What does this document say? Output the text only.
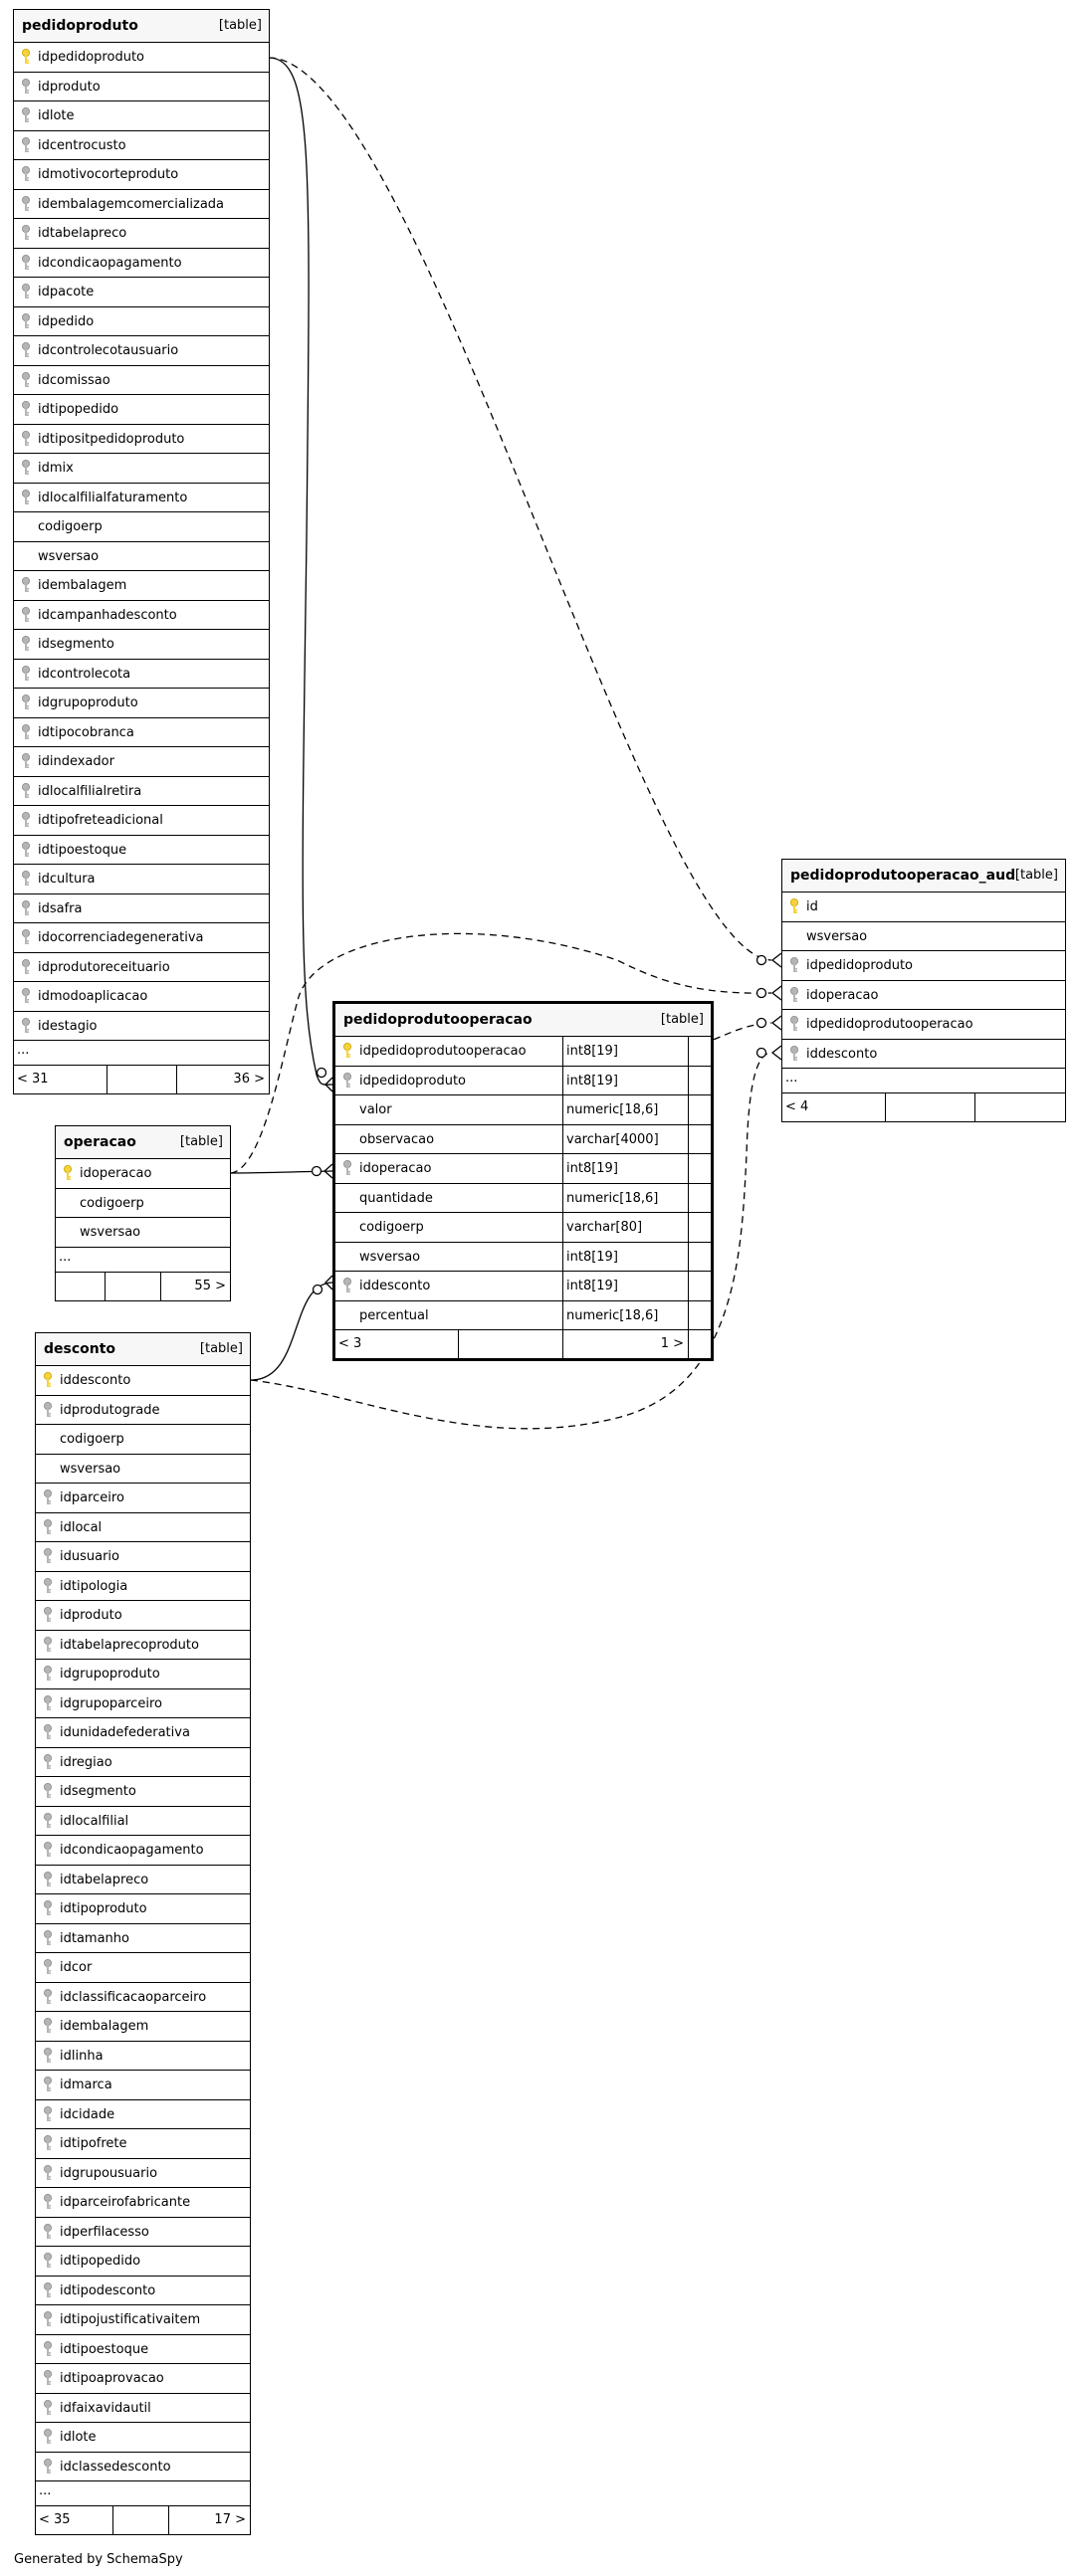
pedidoproduto	[table]
idpedidoproduto
idproduto
idlote
idcentrocusto
idmotivocorteproduto
idembalagemcomercializada
idtabelapreco
idcondicaopagamento
idpacote
idpedido
idcontrolecotausuario
idcomissao
idtipopedido
idtipositpedidoproduto
idmix
idlocalfilialfaturamento
codigoerp
wsversao
idembalagem
idcampanhadesconto
idsegmento
idcontrolecota
idgrupoproduto
idtipocobranca
idindexador
idlocalfilialretira
idtipofreteadicional
idtipoestoque
idcultura
idsafra
idocorrenciadegenerativa
idprodutoreceituario
idmodoaplicacao
idestagio
...
< 31	36 >
operacao	[table]
idoperacao
codigoerp
wsversao
...
55 >
desconto	[table]
iddesconto
idprodutograde
codigoerp
wsversao
idparceiro
idlocal
idusuario
idtipologia
idproduto
idtabelaprecoproduto
idgrupoproduto
idgrupoparceiro
idunidadefederativa
idregiao
idsegmento
idlocalfilial
idcondicaopagamento
idtabelapreco
idtipoproduto
idtamanho
idcor
idclassificacaoparceiro
idembalagem
idlinha
idmarca
idcidade
idtipofrete
idgrupousuario
idparceirofabricante
idperfilacesso
idtipopedido
idtipodesconto
idtipojustificativaitem
idtipoestoque
idtipoaprovacao
idfaixavidautil
idlote
idclassedesconto
...
< 35	17 >
pedidoprodutooperacao	[table]
idpedidoprodutooperacao	int8[19]
idpedidoproduto	int8[19]
valor	numeric[18,6]
observacao	varchar[4000]
idoperacao	int8[19]
quantidade	numeric[18,6]
codigoerp	varchar[80]
wsversao	int8[19]
iddesconto	int8[19]
percentual	numeric[18,6]
< 3	1 >
pedidoprodutooperacao_aud [table]
id
wsversao
idpedidoproduto
idoperacao
idpedidoprodutooperacao
iddesconto
...
< 4
Generated by SchemaSpy
